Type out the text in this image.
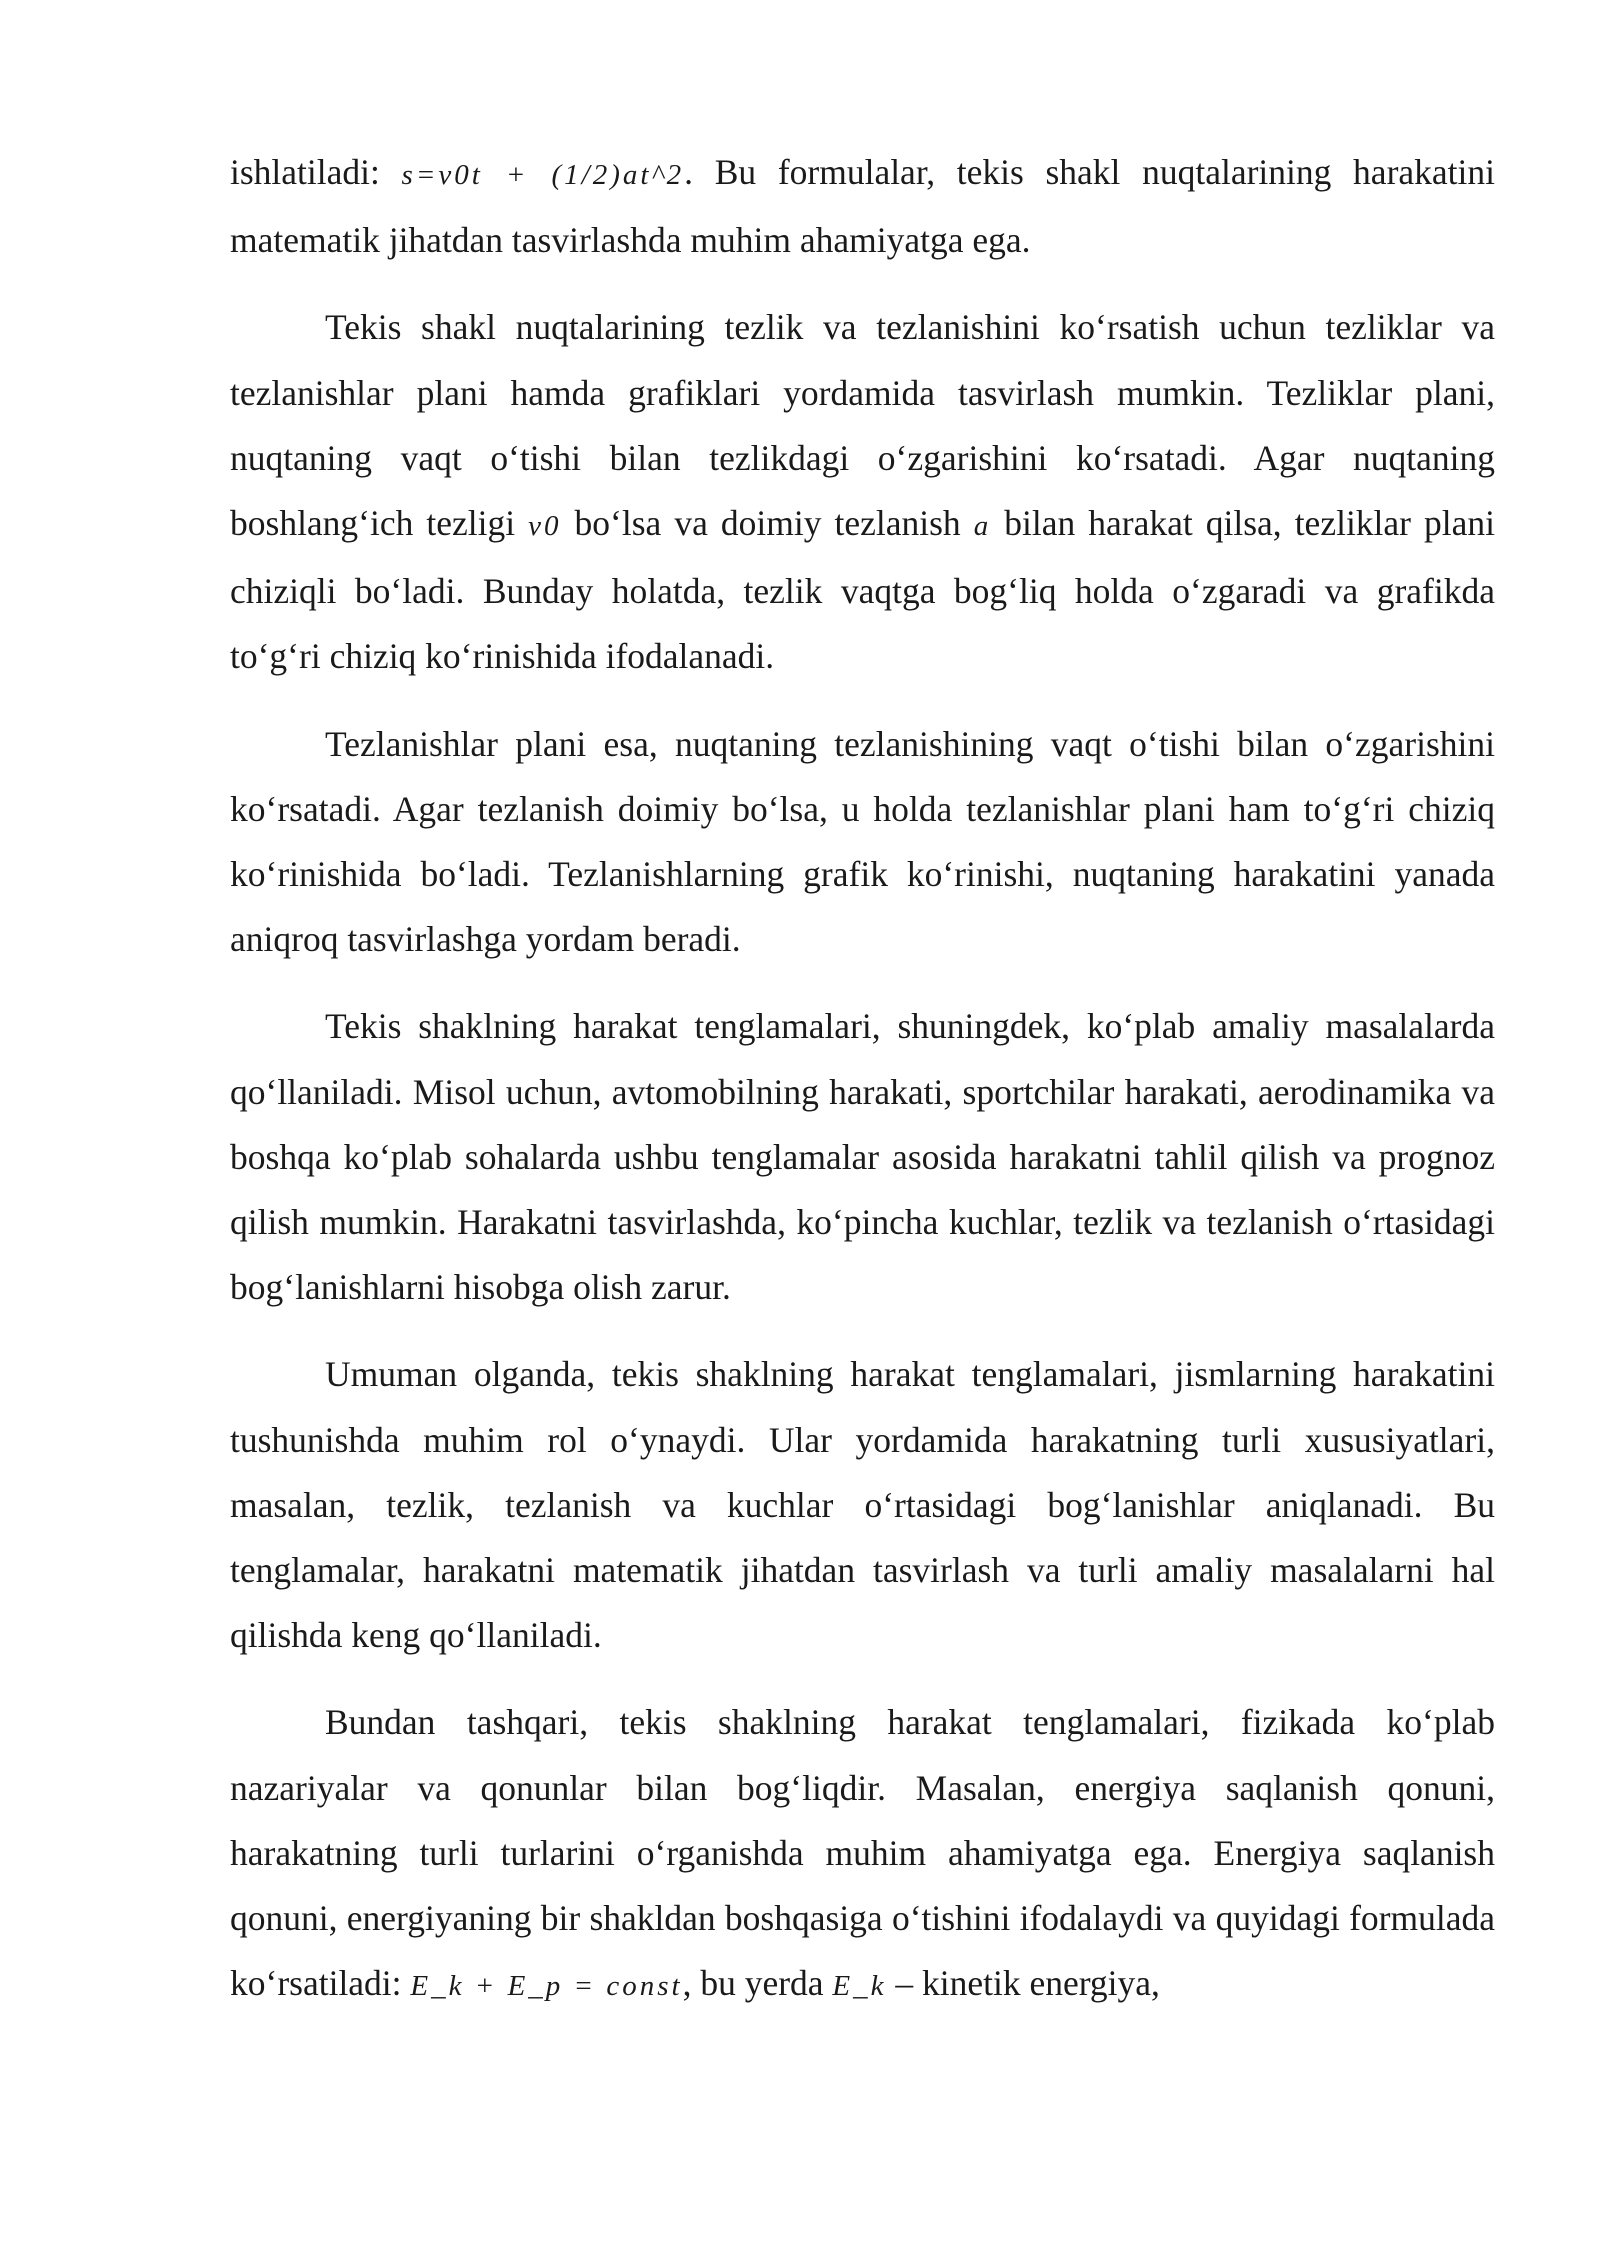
ishlatiladi: s=v0t + (1/2)at^2. Bu formulalar, tekis shakl nuqtalarining harakatini matematik jihatdan tasvirlashda muhim ahamiyatga ega.

Tekis shakl nuqtalarining tezlik va tezlanishini koʻrsatish uchun tezliklar va tezlanishlar plani hamda grafiklari yordamida tasvirlash mumkin. Tezliklar plani, nuqtaning vaqt oʻtishi bilan tezlikdagi oʻzgarishini koʻrsatadi. Agar nuqtaning boshlangʻich tezligi v0 boʻlsa va doimiy tezlanish a bilan harakat qilsa, tezliklar plani chiziqli boʻladi. Bunday holatda, tezlik vaqtga bogʻliq holda oʻzgaradi va grafikda toʻgʻri chiziq koʻrinishida ifodalanadi.

Tezlanishlar plani esa, nuqtaning tezlanishining vaqt oʻtishi bilan oʻzgarishini koʻrsatadi. Agar tezlanish doimiy boʻlsa, u holda tezlanishlar plani ham toʻgʻri chiziq koʻrinishida boʻladi. Tezlanishlarning grafik koʻrinishi, nuqtaning harakatini yanada aniqroq tasvirlashga yordam beradi.

Tekis shaklning harakat tenglamalari, shuningdek, koʻplab amaliy masalalarda qoʻllaniladi. Misol uchun, avtomobilning harakati, sportchilar harakati, aerodinamika va boshqa koʻplab sohalarda ushbu tenglamalar asosida harakatni tahlil qilish va prognoz qilish mumkin. Harakatni tasvirlashda, koʻpincha kuchlar, tezlik va tezlanish oʻrtasidagi bogʻlanishlarni hisobga olish zarur.

Umuman olganda, tekis shaklning harakat tenglamalari, jismlarning harakatini tushunishda muhim rol oʻynaydi. Ular yordamida harakatning turli xususiyatlari, masalan, tezlik, tezlanish va kuchlar oʻrtasidagi bogʻlanishlar aniqlanadi. Bu tenglamalar, harakatni matematik jihatdan tasvirlash va turli amaliy masalalarni hal qilishda keng qoʻllaniladi.

Bundan tashqari, tekis shaklning harakat tenglamalari, fizikada koʻplab nazariyalar va qonunlar bilan bogʻliqdir. Masalan, energiya saqlanish qonuni, harakatning turli turlarini oʻrganishda muhim ahamiyatga ega. Energiya saqlanish qonuni, energiyaning bir shakldan boshqasiga oʻtishini ifodalaydi va quyidagi formulada koʻrsatiladi: E_k + E_p = const, bu yerda E_k – kinetik energiya,
